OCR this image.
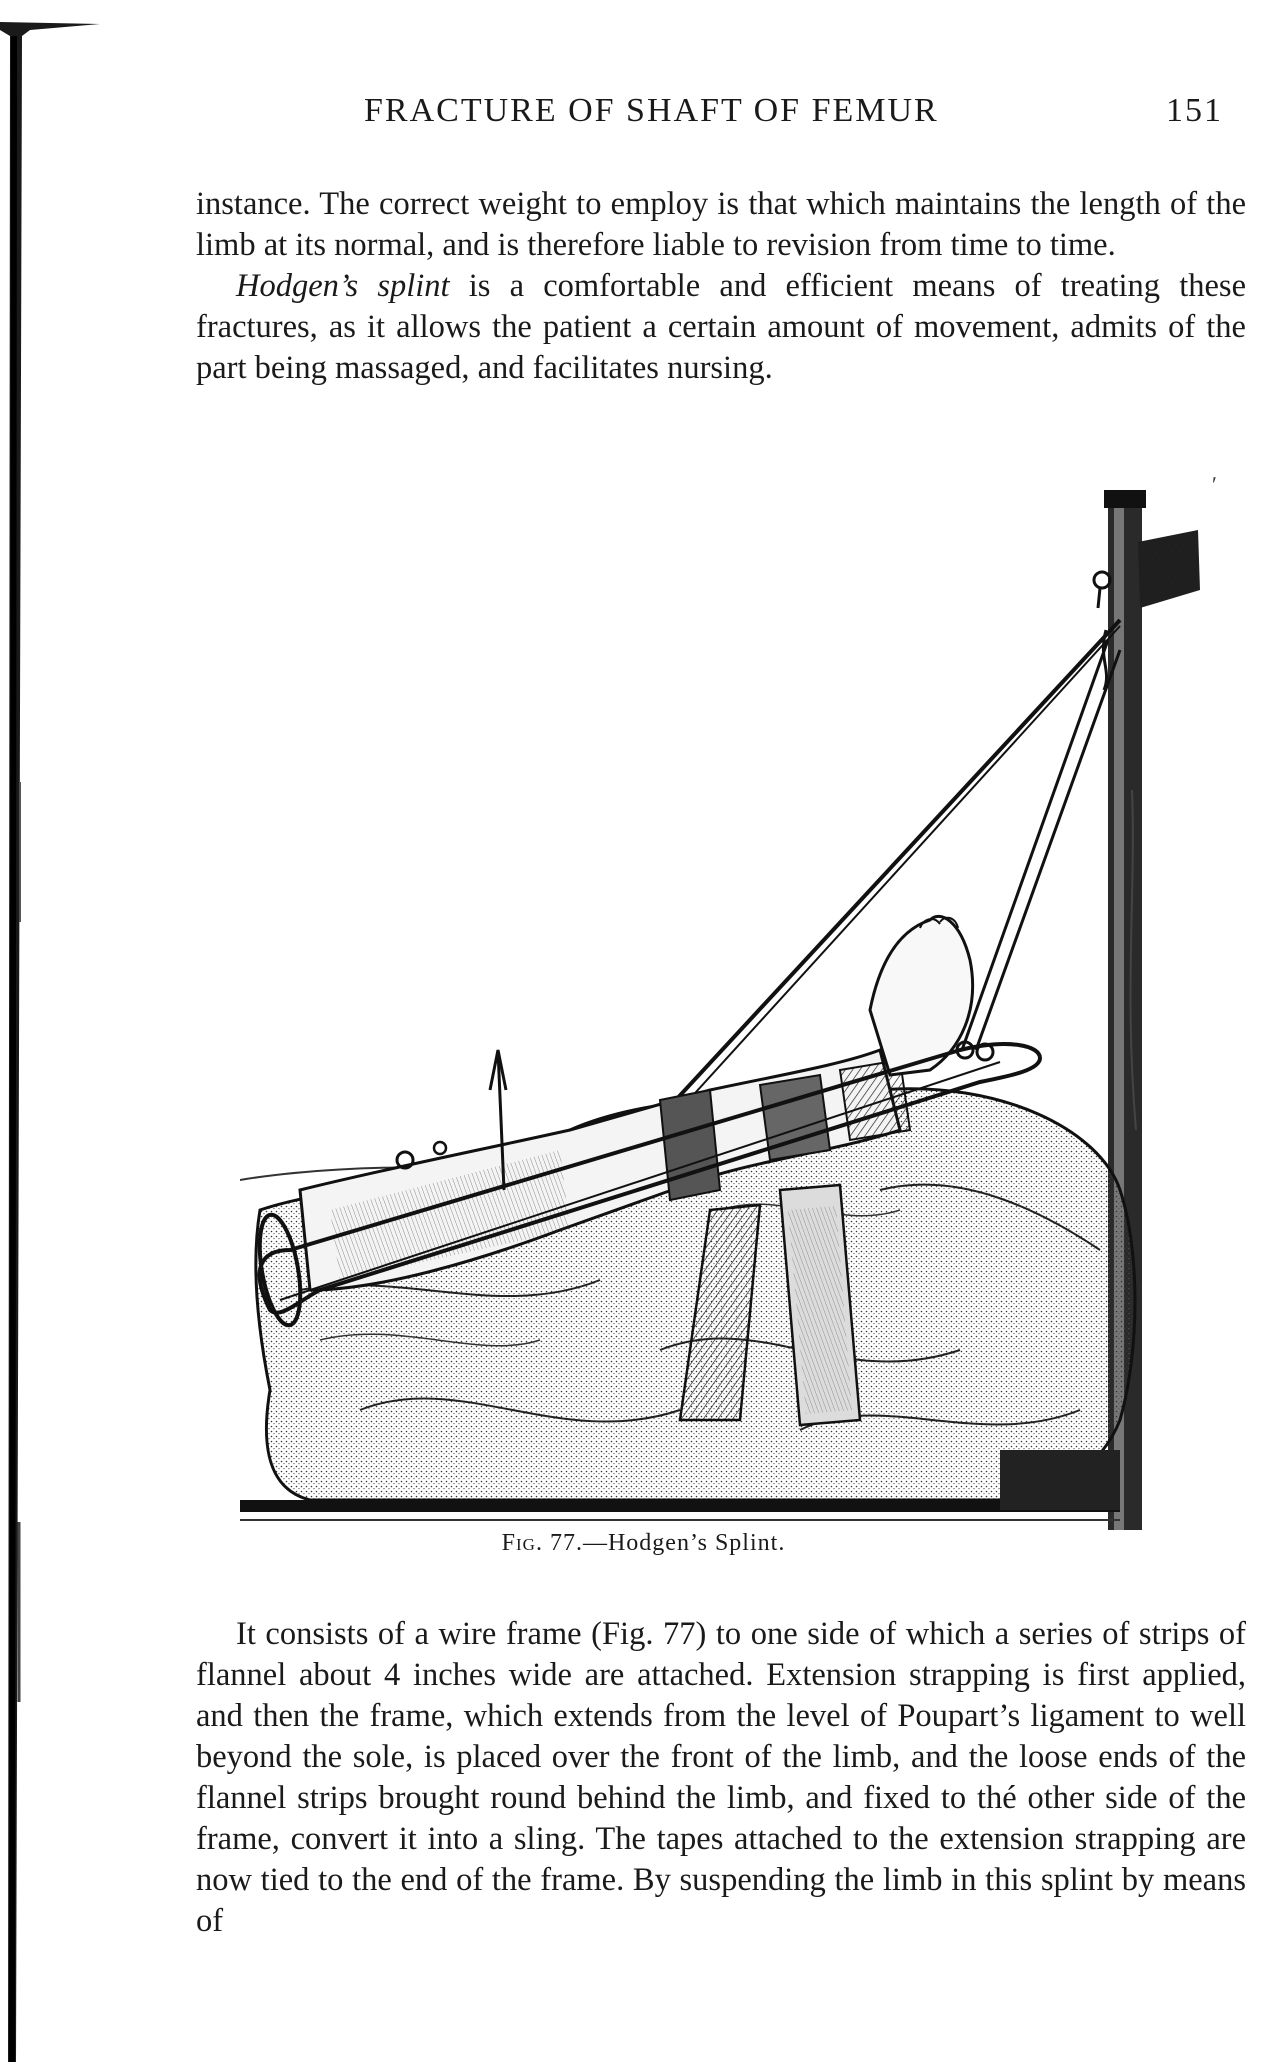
FRACTURE OF SHAFT OF FEMUR	151

instance. The correct weight to employ is that which maintains the length of the limb at its normal, and is therefore liable to revision from time to time.

Hodgen’s splint is a comfortable and efficient means of treating these fractures, as it allows the patient a certain amount of movement, admits of the part being massaged, and facilitates nursing.

ʹ
Fig. 77.—Hodgen’s Splint.

It consists of a wire frame (Fig. 77) to one side of which a series of strips of flannel about 4 inches wide are attached. Extension strapping is first applied, and then the frame, which extends from the level of Poupart’s ligament to well beyond the sole, is placed over the front of the limb, and the loose ends of the flannel strips brought round behind the limb, and fixed to thé other side of the frame, convert it into a sling. The tapes attached to the extension strapping are now tied to the end of the frame. By suspending the limb in this splint by means of
